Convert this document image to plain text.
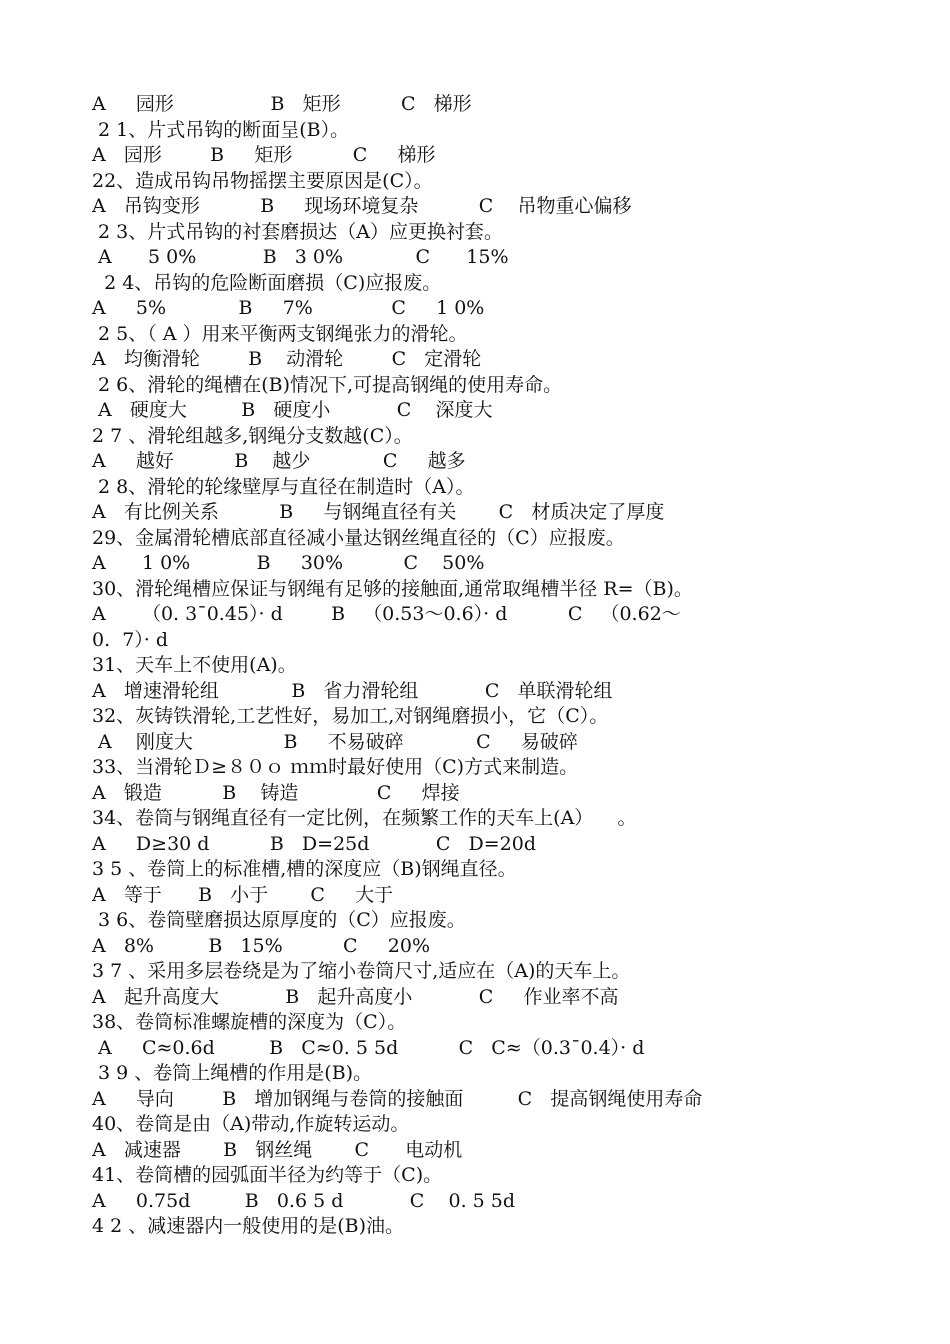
A     园形                B   矩形          C   梯形
2 1、片式吊钩的断面呈(B）。
A   园形        B     矩形          C     梯形
22、造成吊钩吊物摇摆主要原因是(C）。
A   吊钩变形          B     现场环境复杂          C    吊物重心偏移
2 3、片式吊钩的衬套磨损达（A）应更换衬套。
A      5 0%           B   3 0%            C      15%
2 4、吊钩的危险断面磨损（C)应报废。
A     5%            B     7%             C     1 0%
2 5、（ A ）用来平衡两支钢绳张力的滑轮。
A   均衡滑轮        B    动滑轮        C   定滑轮
2 6、滑轮的绳槽在(B)情况下,可提高钢绳的使用寿命。
A   硬度大         B   硬度小           C    深度大
2 7 、滑轮组越多,钢绳分支数越(C）。
A     越好          B    越少            C     越多
2 8、滑轮的轮缘壁厚与直径在制造时（A）。
A   有比例关系          B     与钢绳直径有关       C   材质决定了厚度
29、金属滑轮槽底部直径减小量达钢丝绳直径的（C）应报废。
A      1 0%           B     30%          C    50%
30、滑轮绳槽应保证与钢绳有足够的接触面,通常取绳槽半径 R=（B)。
A      （0. 3¯0.45）· d        B   （0.53～0.6）· d          C   （0.62～
0.  7）· d
31、天车上不使用(A)。
A   增速滑轮组            B   省力滑轮组           C   单联滑轮组
32、灰铸铁滑轮,工艺性好，易加工,对钢绳磨损小，它（C）。
A    刚度大               B     不易破碎            C     易破碎
33、当滑轮Ｄ≥８０ｏ ｍｍ时最好使用（C)方式来制造。
A   锻造          B    铸造             C     焊接
34、卷筒与钢绳直径有一定比例，在频繁工作的天车上(A）    。
A     D≥30 d          B   D=25d           C   D=20d
3 5 、卷筒上的标准槽,槽的深度应（B)钢绳直径。
A   等于      B   小于       C     大于
3 6、卷筒壁磨损达原厚度的（C）应报废。
A   8%         B   15%          C     20%
3 7 、采用多层卷绕是为了缩小卷筒尺寸,适应在（A)的天车上。
A   起升高度大           B   起升高度小           C     作业率不高
38、卷筒标准螺旋槽的深度为（C）。
A     C≈0.6d         B   C≈0. 5 5d          C   C≈（0.3¯0.4）· d
3 9 、卷筒上绳槽的作用是(B)。
A     导向        B   增加钢绳与卷筒的接触面         C   提高钢绳使用寿命
40、卷筒是由（A)带动,作旋转运动。
A   减速器       B   钢丝绳       C      电动机
41、卷筒槽的园弧面半径为约等于（C)。
A     0.75d         B   0.6 5 d           C    0. 5 5d
4 2 、减速器内一般使用的是(B)油。
